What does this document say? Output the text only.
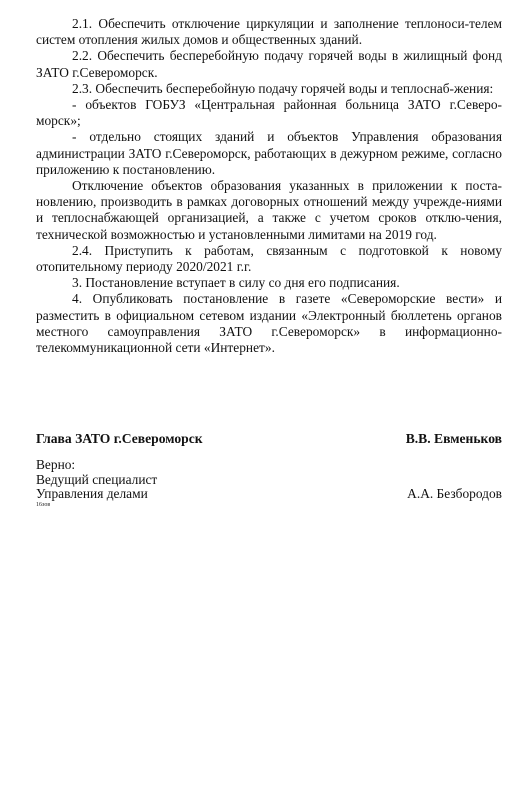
2.1. Обеспечить отключение циркуляции и заполнение теплоноси-телем систем отопления жилых домов и общественных зданий.

2.2. Обеспечить бесперебойную подачу горячей воды в жилищный фонд ЗАТО г.Североморск.

2.3. Обеспечить бесперебойную подачу горячей воды и теплоснаб-жения:

- объектов ГОБУЗ «Центральная районная больница ЗАТО г.Северо-морск»;

- отдельно стоящих зданий и объектов Управления образования администрации ЗАТО г.Североморск, работающих в дежурном режиме, согласно приложению к постановлению.

Отключение объектов образования указанных в приложении к поста-новлению, производить в рамках договорных отношений между учрежде-ниями и теплоснабжающей организацией, а также с учетом сроков отклю-чения, технической возможностью и установленными лимитами на 2019 год.

2.4. Приступить к работам, связанным с подготовкой к новому отопительному периоду 2020/2021 г.г.

3. Постановление вступает в силу со дня его подписания.

4. Опубликовать постановление в газете «Североморские вести» и разместить в официальном сетевом издании «Электронный бюллетень органов местного самоуправления ЗАТО г.Североморск» в информационно-телекоммуникационной сети «Интернет».

Глава ЗАТО г.Североморск	В.В. Евменьков
Верно:
Ведущий специалист
Управления делами	А.А. Безбородов
16зов
